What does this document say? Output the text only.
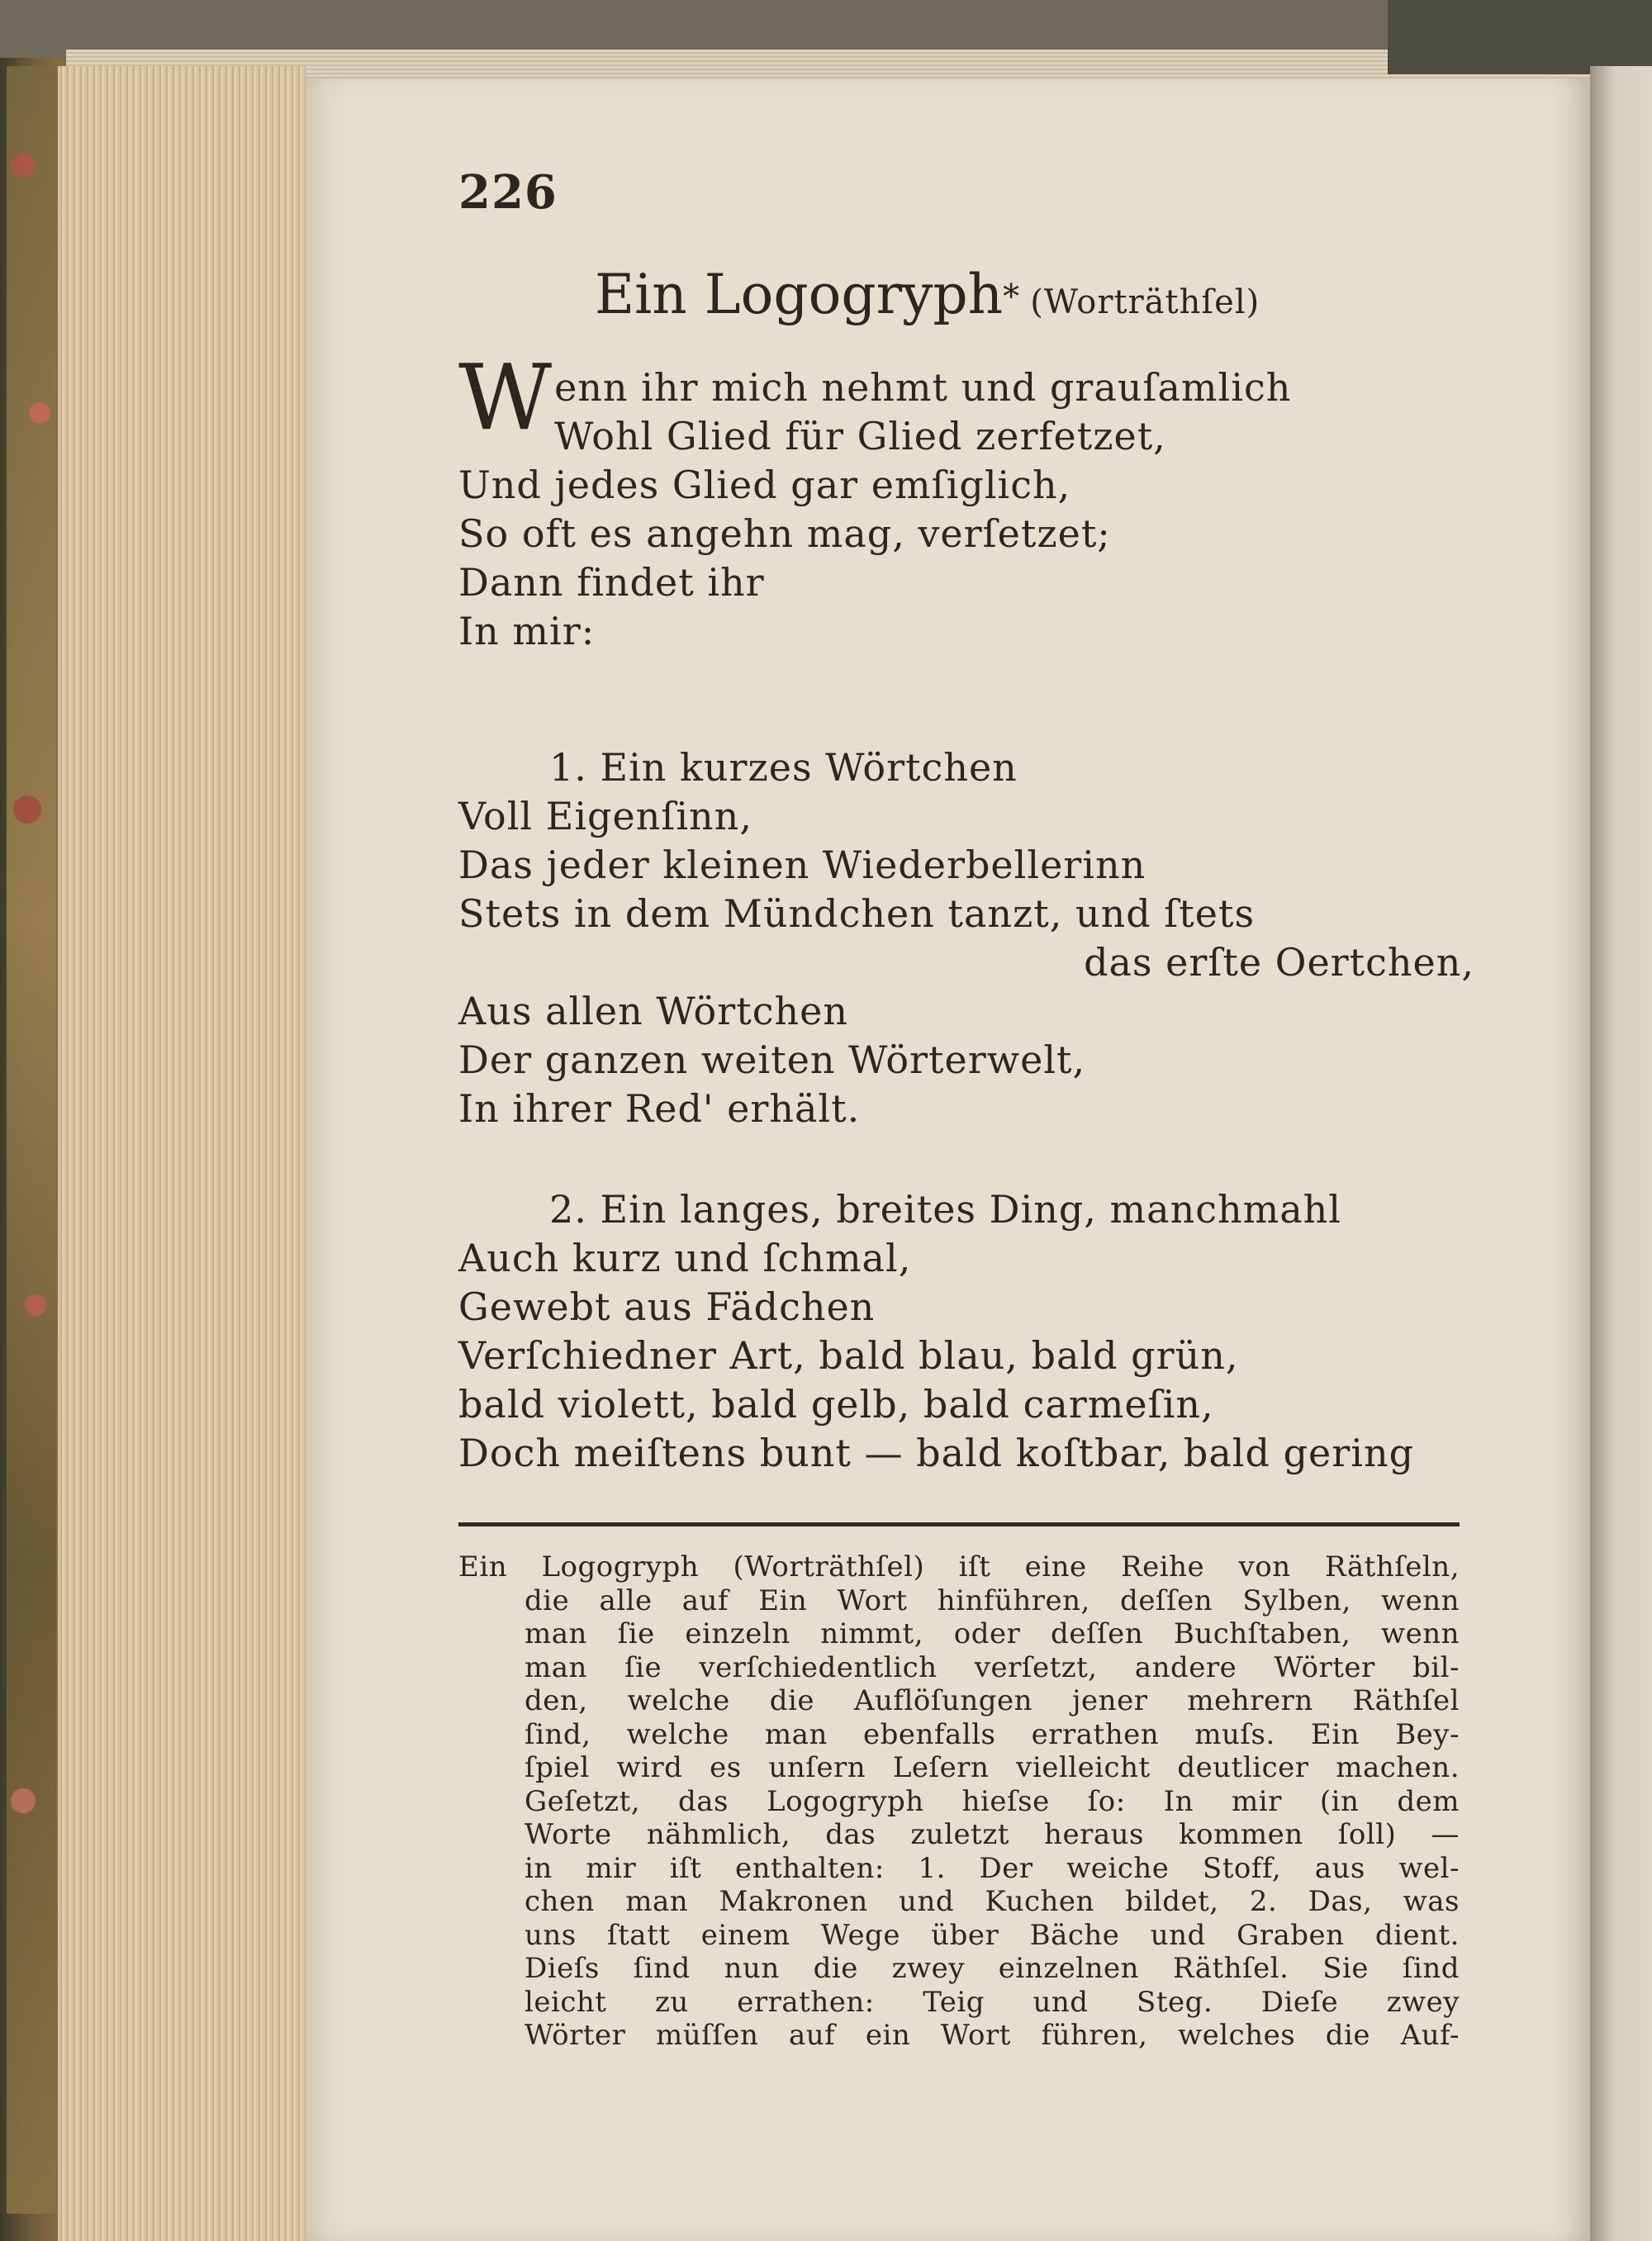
226
Ein Logogryph* (Worträthſel)
Wenn ihr mich nehmt und grauſamlich
Wohl Glied für Glied zerfetzet,
Und jedes Glied gar emſiglich,
So oft es angehn mag, verſetzet;
Dann findet ihr
In mir:
1. Ein kurzes Wörtchen
Voll Eigenſinn,
Das jeder kleinen Wiederbellerinn
Stets in dem Mündchen tanzt, und ſtets
das erſte Oertchen,
Aus allen Wörtchen
Der ganzen weiten Wörterwelt,
In ihrer Red' erhält.
2. Ein langes, breites Ding, manchmahl
Auch kurz und ſchmal,
Gewebt aus Fädchen
Verſchiedner Art, bald blau, bald grün,
bald violett, bald gelb, bald carmeſin,
Doch meiſtens bunt — bald koſtbar, bald gering
Ein Logogryph (Worträthſel) iſt eine Reihe von Räthſeln,
die alle auf Ein Wort hinführen, deſſen Sylben, wenn
man ſie einzeln nimmt, oder deſſen Buchſtaben, wenn
man ſie verſchiedentlich verſetzt, andere Wörter bil-
den, welche die Auflöſungen jener mehrern Räthſel
ſind, welche man ebenfalls errathen muſs. Ein Bey-
ſpiel wird es unſern Leſern vielleicht deutlicer machen.
Geſetzt, das Logogryph hieſse ſo: In mir (in dem
Worte nähmlich, das zuletzt heraus kommen ſoll) —
in mir iſt enthalten: 1. Der weiche Stoff, aus wel-
chen man Makronen und Kuchen bildet, 2. Das, was
uns ſtatt einem Wege über Bäche und Graben dient.
Dieſs ſind nun die zwey einzelnen Räthſel. Sie ſind
leicht zu errathen: Teig und Steg. Dieſe zwey
Wörter müſſen auf ein Wort führen, welches die Auf-
